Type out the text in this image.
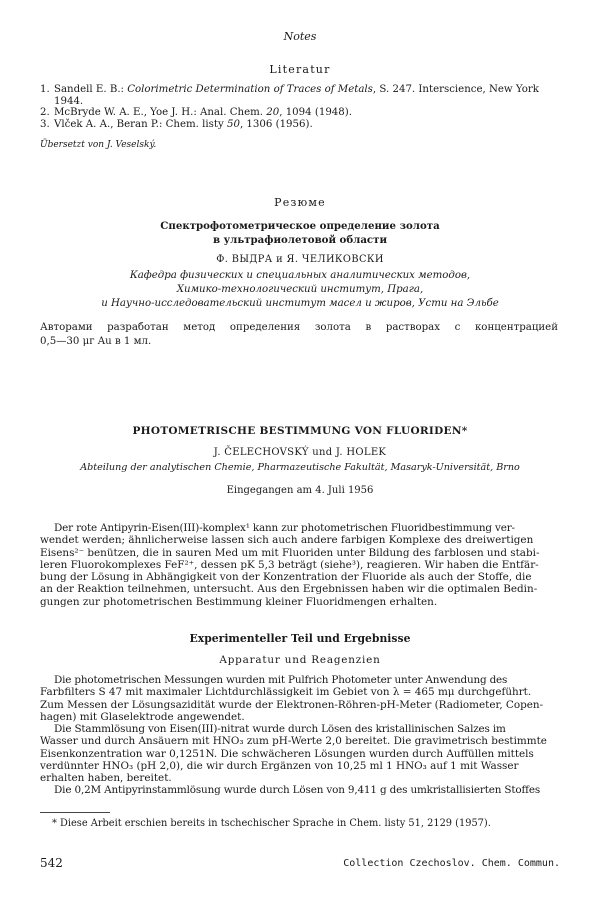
Notes
Literatur
1. Sandell E. B.: Colorimetric Determination of Traces of Metals, S. 247. Interscience, New York
1944.
2. McBryde W. A. E., Yoe J. H.: Anal. Chem. 20, 1094 (1948).
3. Vlček A. A., Beran P.: Chem. listy 50, 1306 (1956).
Übersetzt von J. Veselský.
Резюме
Спектрофотометрическое определение золота
в ультрафиолетовой области
Ф. ВЫДРА и Я. ЧЕЛИКОВСКИ
Кафедра физических и специальных аналитических методов,
Химико-технологический институт, Прага,
и Научно-исследовательский институт масел и жиров, Усти на Эльбе
Авторами разработан метод определения золота в растворах с концентрацией
0,5—30 μг Au в 1 мл.
PHOTOMETRISCHE BESTIMMUNG VON FLUORIDEN*
J. ČELECHOVSKÝ und J. HOLEK
Abteilung der analytischen Chemie, Pharmazeutische Fakultät, Masaryk-Universität, Brno
Eingegangen am 4. Juli 1956
Der rote Antipyrin-Eisen(III)-komplex¹ kann zur photometrischen Fluoridbestimmung ver-
wendet werden; ähnlicherweise lassen sich auch andere farbigen Komplexe des dreiwertigen
Eisens²⁻ benützen, die in sauren Med um mit Fluoriden unter Bildung des farblosen und stabi-
leren Fluorokomplexes FeF²⁺, dessen pK 5,3 beträgt (siehe³), reagieren. Wir haben die Entfär-
bung der Lösung in Abhängigkeit von der Konzentration der Fluoride als auch der Stoffe, die
an der Reaktion teilnehmen, untersucht. Aus den Ergebnissen haben wir die optimalen Bedin-
gungen zur photometrischen Bestimmung kleiner Fluoridmengen erhalten.
Experimenteller Teil und Ergebnisse
Apparatur und Reagenzien
Die photometrischen Messungen wurden mit Pulfrich Photometer unter Anwendung des
Farbfilters S 47 mit maximaler Lichtdurchlässigkeit im Gebiet von λ = 465 mμ durchgeführt.
Zum Messen der Lösungsazidität wurde der Elektronen-Röhren-pH-Meter (Radiometer, Copen-
hagen) mit Glaselektrode angewendet.
Die Stammlösung von Eisen(III)-nitrat wurde durch Lösen des kristallinischen Salzes im
Wasser und durch Ansäuern mit HNO₃ zum pH-Werte 2,0 bereitet. Die gravimetrisch bestimmte
Eisenkonzentration war 0,1251N. Die schwächeren Lösungen wurden durch Auffüllen mittels
verdünnter HNO₃ (pH 2,0), die wir durch Ergänzen von 10,25 ml 1 HNO₃ auf 1 mit Wasser
erhalten haben, bereitet.
Die 0,2M Antipyrinstammlösung wurde durch Lösen von 9,411 g des umkristallisierten Stoffes
* Diese Arbeit erschien bereits in tschechischer Sprache in Chem. listy 51, 2129 (1957).
542	Collection Czechoslov. Chem. Commun.
